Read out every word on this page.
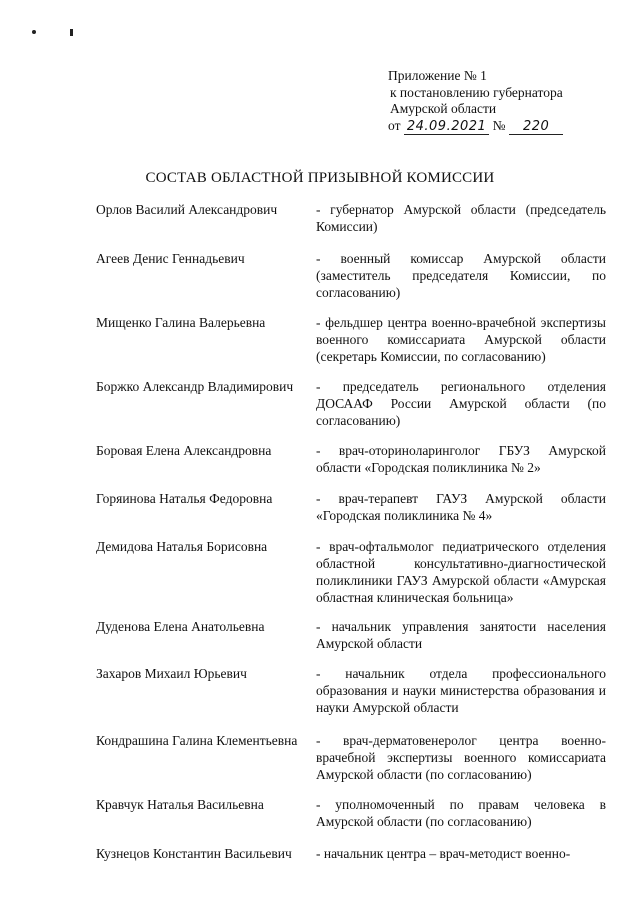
Приложение № 1
к постановлению губернатора
Амурской области
от 24.09.2021 № 220
СОСТАВ ОБЛАСТНОЙ ПРИЗЫВНОЙ КОМИССИИ
Орлов Василий Александрович	- губернатор Амурской области (председатель Комиссии)
Агеев Денис Геннадьевич	- военный комиссар Амурской области (заместитель председателя Комиссии, по согласованию)
Мищенко Галина Валерьевна	- фельдшер центра военно-врачебной экспертизы военного комиссариата Амурской области (секретарь Комиссии, по согласованию)
Боржко Александр Владимирович	- председатель регионального отделения ДОСААФ России Амурской области (по согласованию)
Боровая Елена Александровна	- врач-оториноларинголог ГБУЗ Амурской области «Городская поликлиника № 2»
Горяинова Наталья Федоровна	- врач-терапевт ГАУЗ Амурской области «Городская поликлиника № 4»
Демидова Наталья Борисовна	- врач-офтальмолог педиатрического отделения областной консультативно-диагностической поликлиники ГАУЗ Амурской области «Амурская областная клиническая больница»
Дуденова Елена Анатольевна	- начальник управления занятости населения Амурской области
Захаров Михаил Юрьевич	- начальник отдела профессионального образования и науки министерства образования и науки Амурской области
Кондрашина Галина Клементьевна	- врач-дерматовенеролог центра военно-врачебной экспертизы военного комиссариата Амурской области (по согласованию)
Кравчук Наталья Васильевна	- уполномоченный по правам человека в Амурской области (по согласованию)
Кузнецов Константин Васильевич	- начальник центра – врач-методист военно-
